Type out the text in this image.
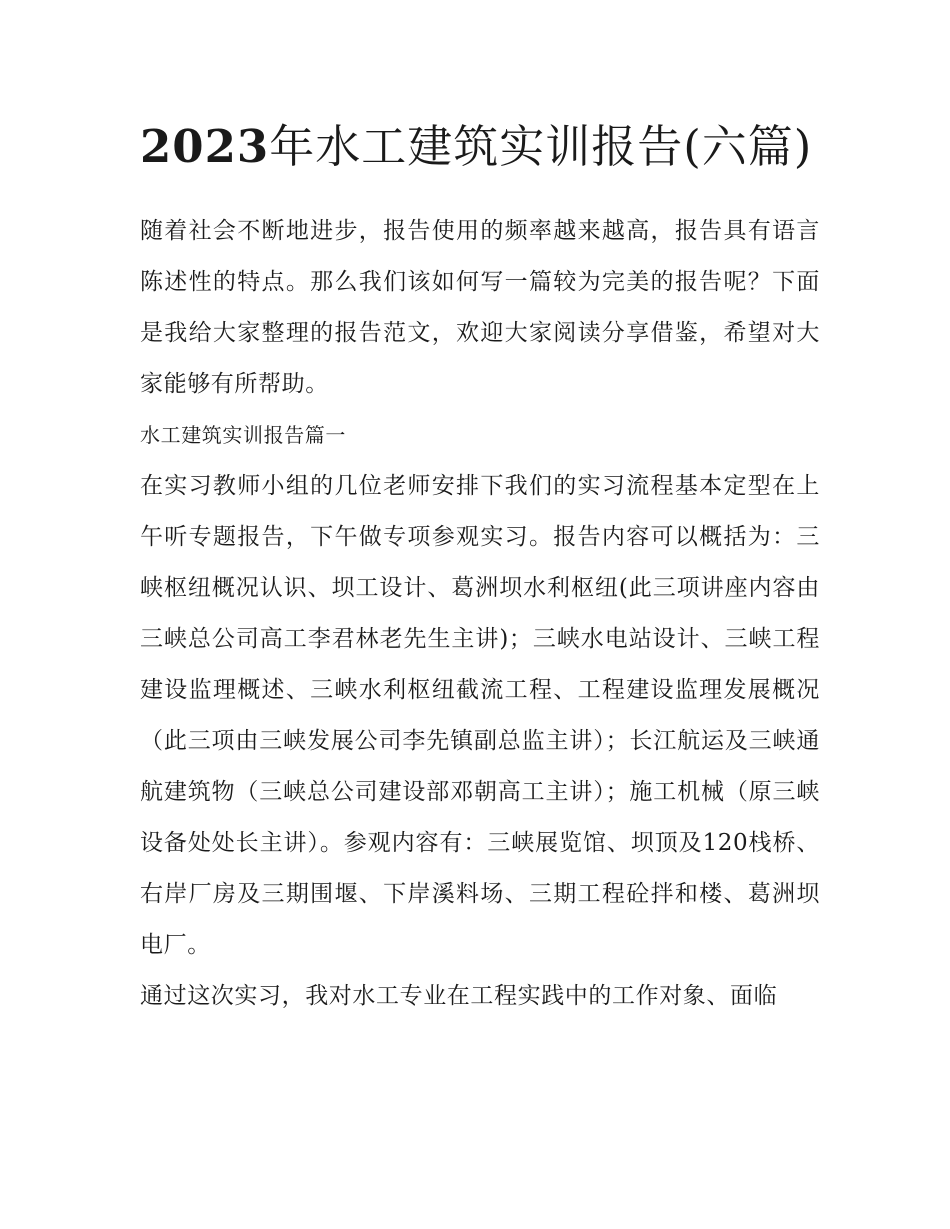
2023年水工建筑实训报告(六篇)

随着社会不断地进步，报告使用的频率越来越高，报告具有语言陈述性的特点。那么我们该如何写一篇较为完美的报告呢？下面是我给大家整理的报告范文，欢迎大家阅读分享借鉴，希望对大家能够有所帮助。

水工建筑实训报告篇一

在实习教师小组的几位老师安排下我们的实习流程基本定型在上午听专题报告，下午做专项参观实习。报告内容可以概括为：三峡枢纽概况认识、坝工设计、葛洲坝水利枢纽(此三项讲座内容由三峡总公司高工李君林老先生主讲)；三峡水电站设计、三峡工程建设监理概述、三峡水利枢纽截流工程、工程建设监理发展概况（此三项由三峡发展公司李先镇副总监主讲）；长江航运及三峡通航建筑物（三峡总公司建设部邓朝高工主讲）；施工机械（原三峡设备处处长主讲）。参观内容有：三峡展览馆、坝顶及120栈桥、右岸厂房及三期围堰、下岸溪料场、三期工程砼拌和楼、葛洲坝电厂。

通过这次实习，我对水工专业在工程实践中的工作对象、面临
